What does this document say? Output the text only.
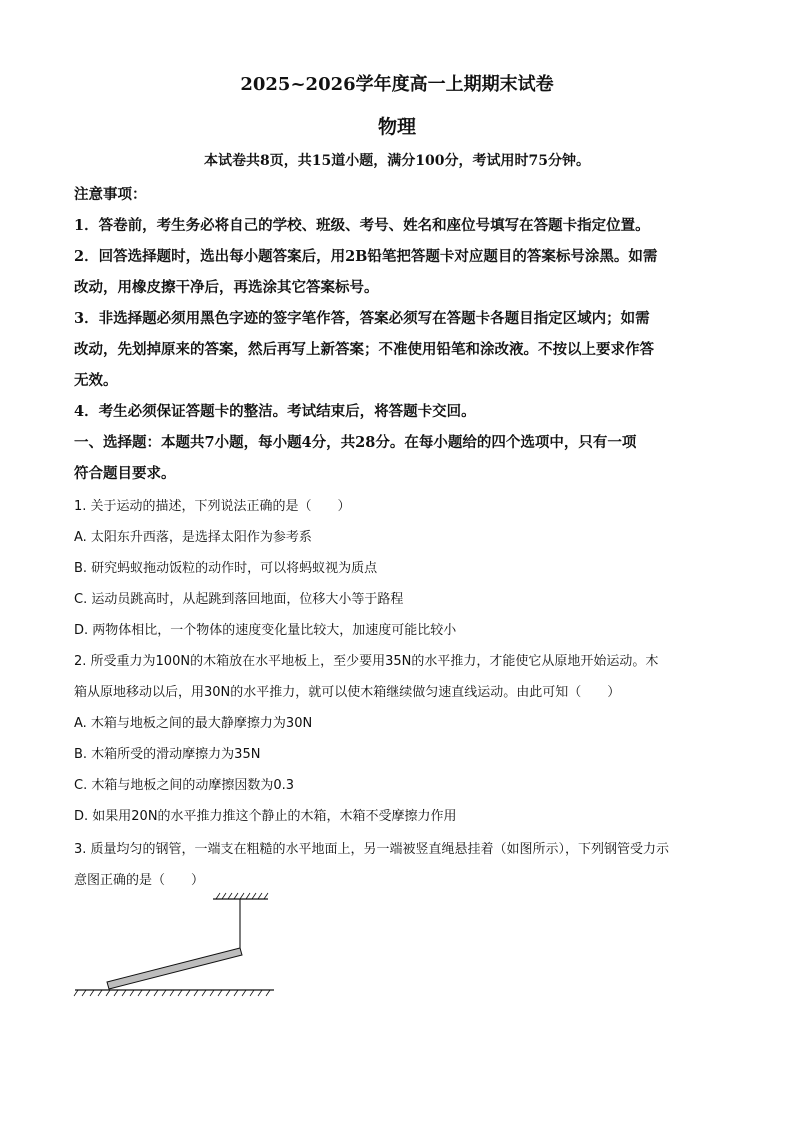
2025~2026学年度高一上期期末试卷
物理
本试卷共8页，共15道小题，满分100分，考试用时75分钟。
注意事项：
1．答卷前，考生务必将自己的学校、班级、考号、姓名和座位号填写在答题卡指定位置。
2．回答选择题时，选出每小题答案后，用2B铅笔把答题卡对应题目的答案标号涂黑。如需
改动，用橡皮擦干净后，再选涂其它答案标号。
3．非选择题必须用黑色字迹的签字笔作答，答案必须写在答题卡各题目指定区域内；如需
改动，先划掉原来的答案，然后再写上新答案；不准使用铅笔和涂改液。不按以上要求作答
无效。
4．考生必须保证答题卡的整洁。考试结束后，将答题卡交回。
一、选择题：本题共7小题，每小题4分，共28分。在每小题给的四个选项中，只有一项
符合题目要求。
1. 关于运动的描述，下列说法正确的是（　　）
A. 太阳东升西落，是选择太阳作为参考系
B. 研究蚂蚁拖动饭粒的动作时，可以将蚂蚁视为质点
C. 运动员跳高时，从起跳到落回地面，位移大小等于路程
D. 两物体相比，一个物体的速度变化量比较大，加速度可能比较小
2. 所受重力为100N的木箱放在水平地板上，至少要用35N的水平推力，才能使它从原地开始运动。木
箱从原地移动以后，用30N的水平推力，就可以使木箱继续做匀速直线运动。由此可知（　　）
A. 木箱与地板之间的最大静摩擦力为30N
B. 木箱所受的滑动摩擦力为35N
C. 木箱与地板之间的动摩擦因数为0.3
D. 如果用20N的水平推力推这个静止的木箱，木箱不受摩擦力作用
3. 质量均匀的钢管，一端支在粗糙的水平地面上，另一端被竖直绳悬挂着（如图所示），下列钢管受力示
意图正确的是（　　）
